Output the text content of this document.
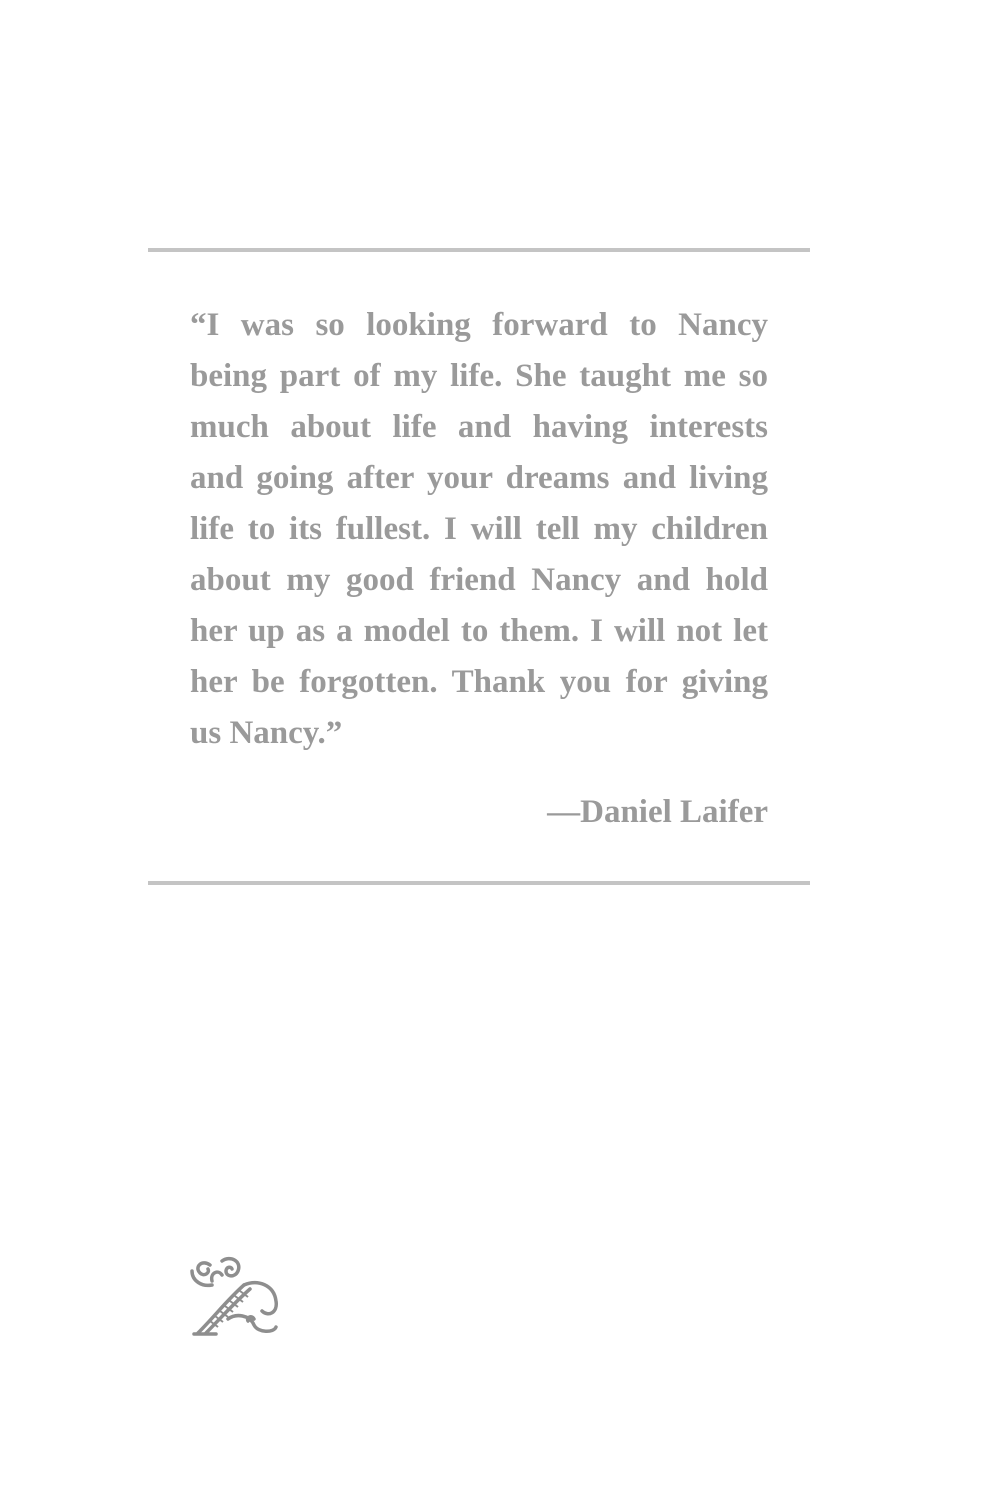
“I was so looking forward to Nancy
being part of my life. She taught me so
much about life and having interests
and going after your dreams and living
life to its fullest. I will tell my children
about my good friend Nancy and hold
her up as a model to them. I will not let
her be forgotten. Thank you for giving
us Nancy.”

—Daniel Laifer
